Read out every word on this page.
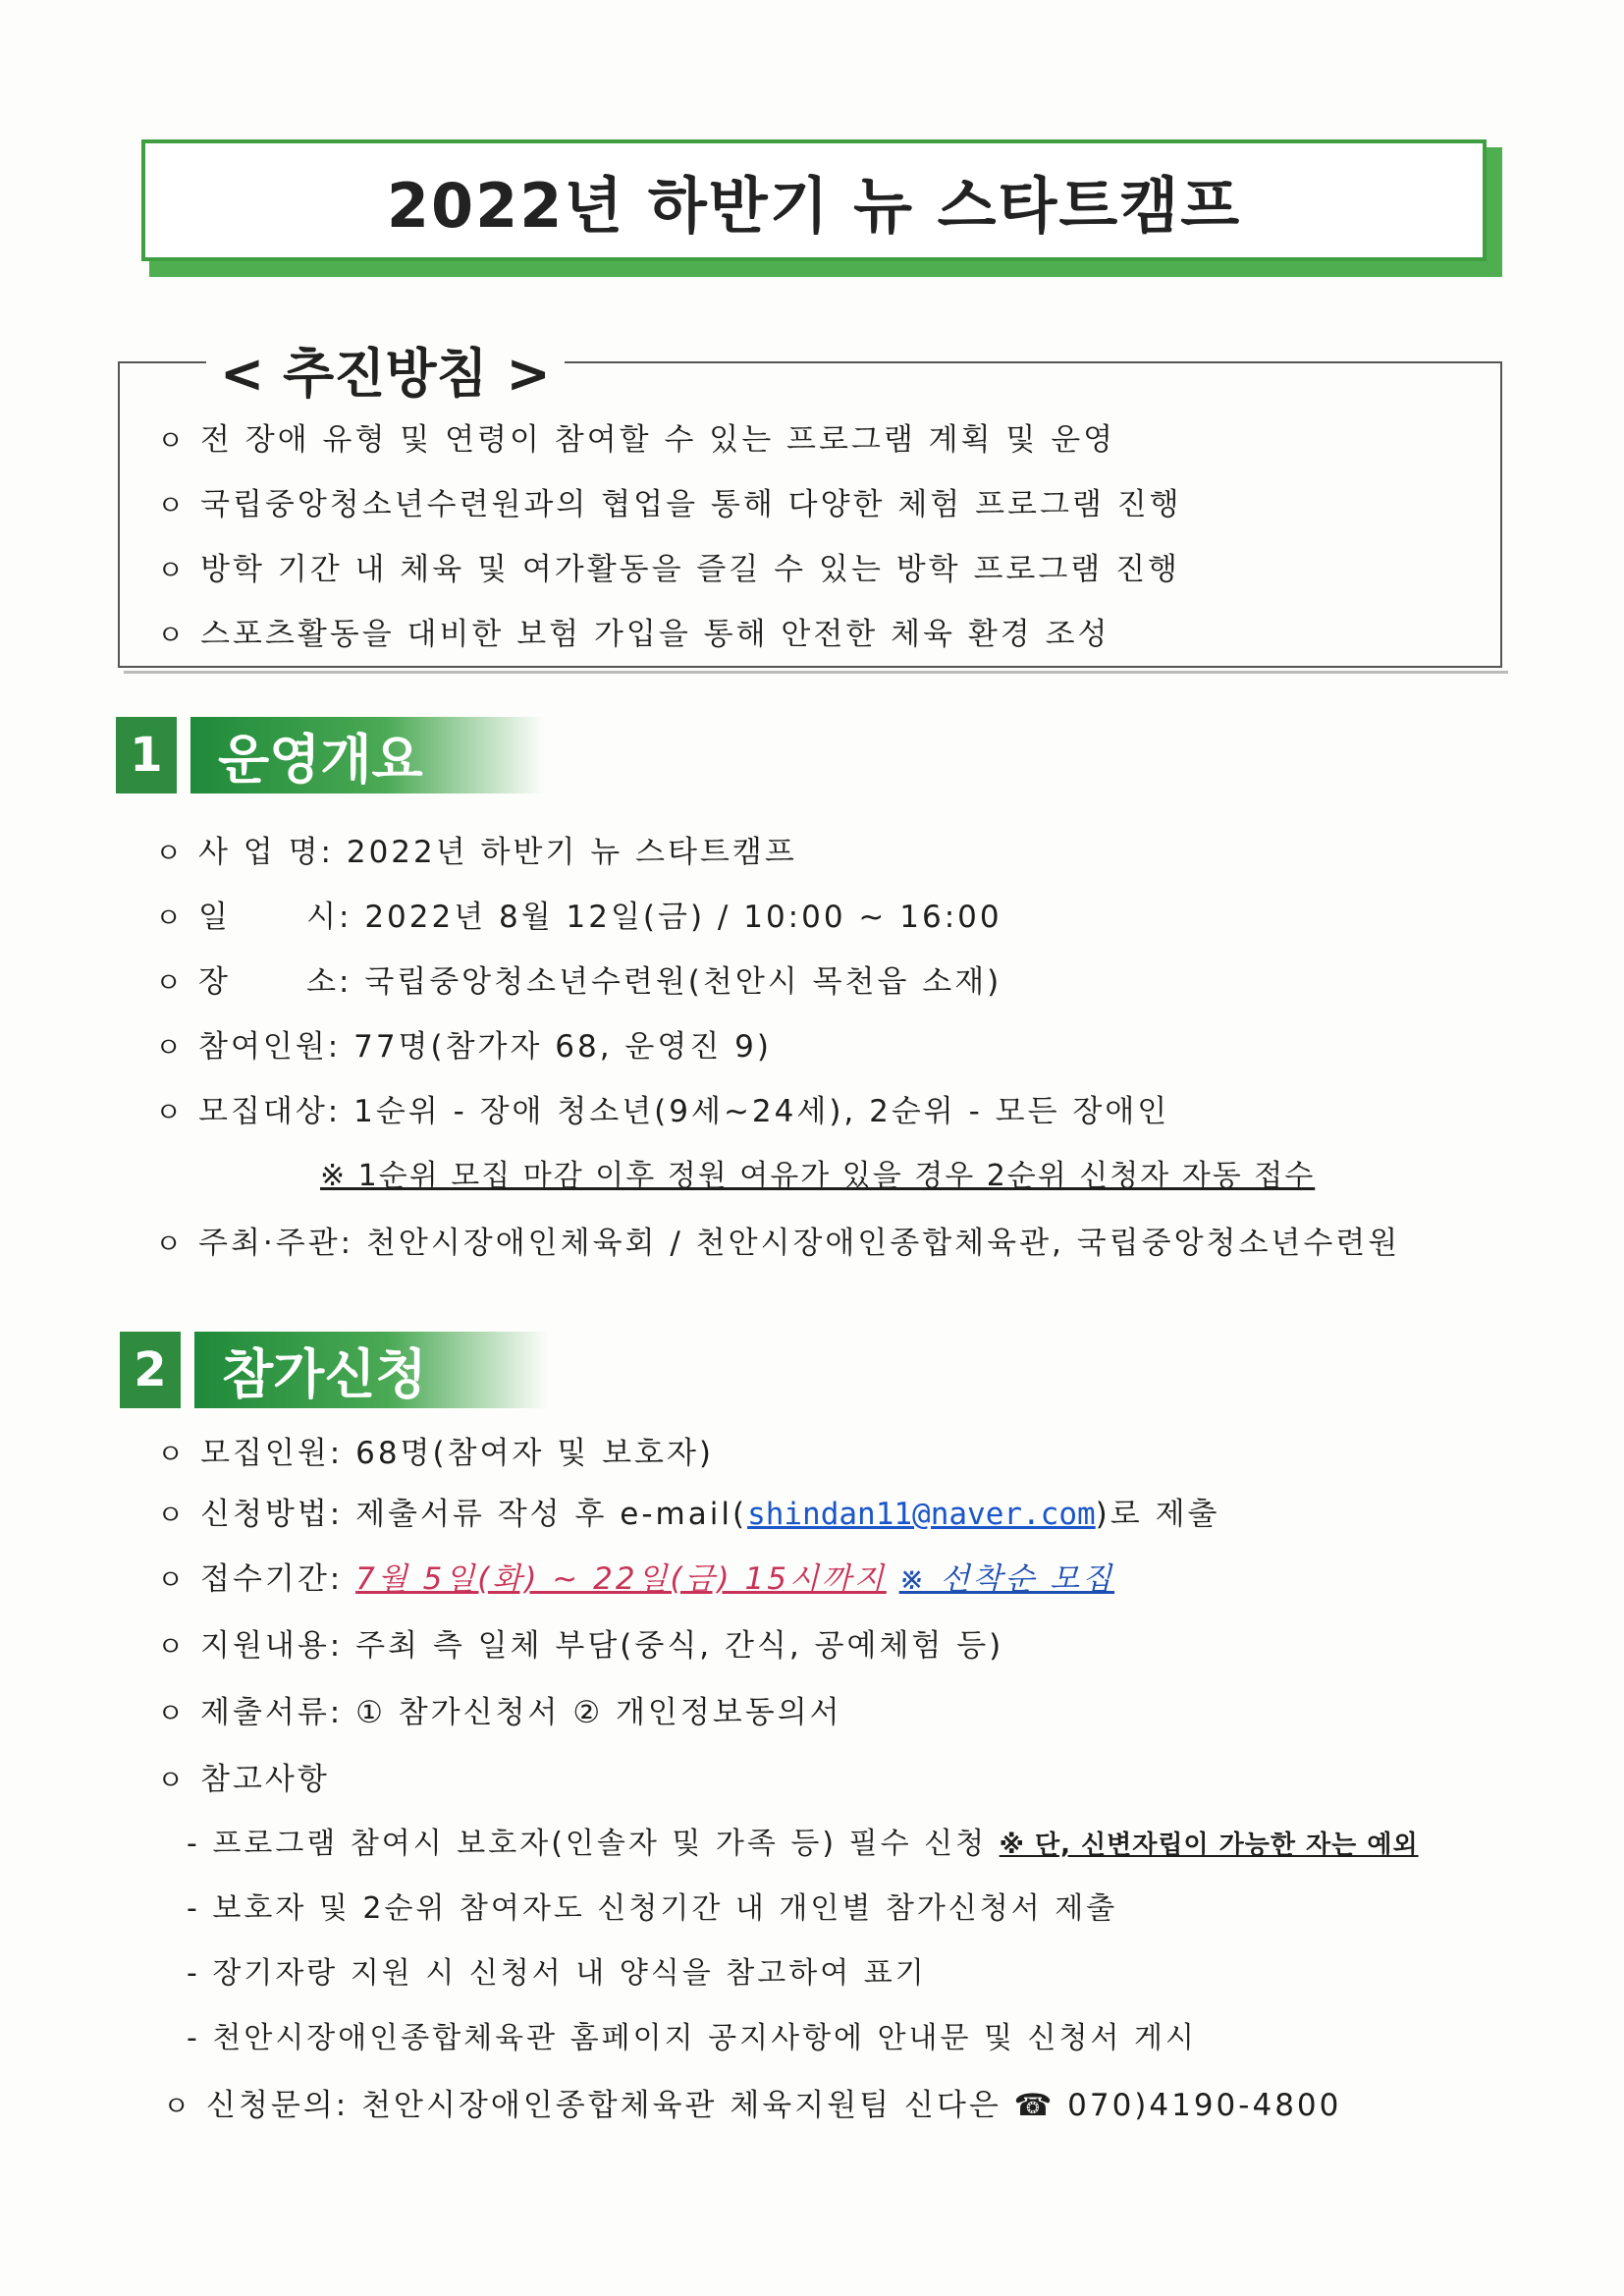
2022년 하반기 뉴 스타트캠프
< 추진방침 >
ㅇ 전 장애 유형 및 연령이 참여할 수 있는 프로그램 계획 및 운영
ㅇ 국립중앙청소년수련원과의 협업을 통해 다양한 체험 프로그램 진행
ㅇ 방학 기간 내 체육 및 여가활동을 즐길 수 있는 방학 프로그램 진행
ㅇ 스포츠활동을 대비한 보험 가입을 통해 안전한 체육 환경 조성
1	운영개요
ㅇ 사 업 명: 2022년 하반기 뉴 스타트캠프
ㅇ 일      시: 2022년 8월 12일(금) / 10:00 ~ 16:00
ㅇ 장      소: 국립중앙청소년수련원(천안시 목천읍 소재)
ㅇ 참여인원: 77명(참가자 68, 운영진 9)
ㅇ 모집대상: 1순위 - 장애 청소년(9세~24세), 2순위 - 모든 장애인
※ 1순위 모집 마감 이후 정원 여유가 있을 경우 2순위 신청자 자동 접수
ㅇ 주최·주관: 천안시장애인체육회 / 천안시장애인종합체육관, 국립중앙청소년수련원
2	참가신청
ㅇ 모집인원: 68명(참여자 및 보호자)
ㅇ 신청방법: 제출서류 작성 후 e-mail(shindan11@naver.com)로 제출
ㅇ 접수기간: 7월 5일(화) ~ 22일(금) 15시까지 ※ 선착순 모집
ㅇ 지원내용: 주최 측 일체 부담(중식, 간식, 공예체험 등)
ㅇ 제출서류: ① 참가신청서 ② 개인정보동의서
ㅇ 참고사항
- 프로그램 참여시 보호자(인솔자 및 가족 등) 필수 신청 ※ 단, 신변자립이 가능한 자는 예외
- 보호자 및 2순위 참여자도 신청기간 내 개인별 참가신청서 제출
- 장기자랑 지원 시 신청서 내 양식을 참고하여 표기
- 천안시장애인종합체육관 홈페이지 공지사항에 안내문 및 신청서 게시
ㅇ 신청문의: 천안시장애인종합체육관 체육지원팀 신다은 ☎ 070)4190-4800
